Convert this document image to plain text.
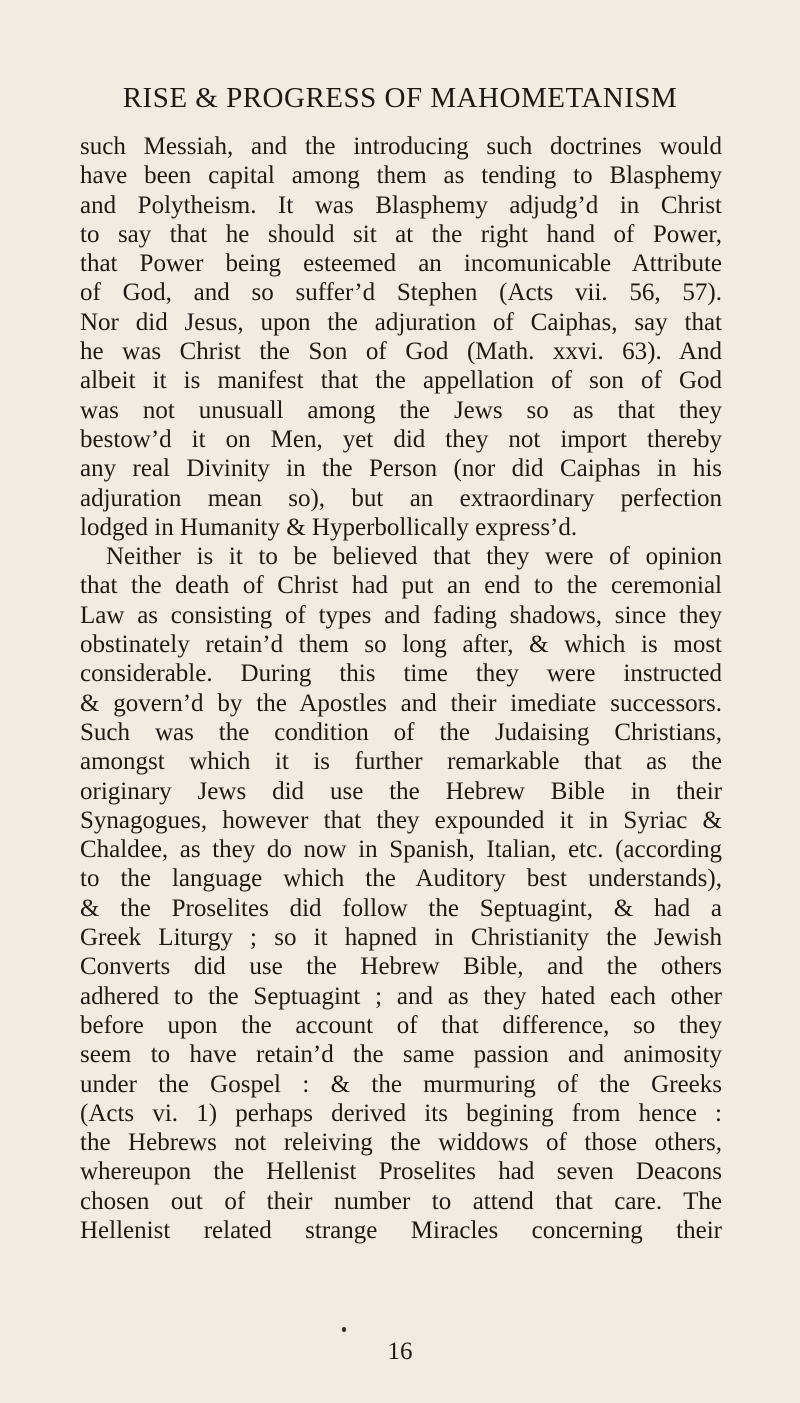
RISE & PROGRESS OF MAHOMETANISM
such Messiah, and the introducing such doctrines would
have been capital among them as tending to Blasphemy
and Polytheism. It was Blasphemy adjudg’d in Christ
to say that he should sit at the right hand of Power,
that Power being esteemed an incomunicable Attribute
of God, and so suffer’d Stephen (Acts vii. 56, 57).
Nor did Jesus, upon the adjuration of Caiphas, say that
he was Christ the Son of God (Math. xxvi. 63). And
albeit it is manifest that the appellation of son of God
was not unusuall among the Jews so as that they
bestow’d it on Men, yet did they not import thereby
any real Divinity in the Person (nor did Caiphas in his
adjuration mean so), but an extraordinary perfection
lodged in Humanity & Hyperbollically express’d.
Neither is it to be believed that they were of opinion
that the death of Christ had put an end to the ceremonial
Law as consisting of types and fading shadows, since they
obstinately retain’d them so long after, & which is most
considerable. During this time they were instructed
& govern’d by the Apostles and their imediate successors.
Such was the condition of the Judaising Christians,
amongst which it is further remarkable that as the
originary Jews did use the Hebrew Bible in their
Synagogues, however that they expounded it in Syriac &
Chaldee, as they do now in Spanish, Italian, etc. (according
to the language which the Auditory best understands),
& the Proselites did follow the Septuagint, & had a
Greek Liturgy ; so it hapned in Christianity the Jewish
Converts did use the Hebrew Bible, and the others
adhered to the Septuagint ; and as they hated each other
before upon the account of that difference, so they
seem to have retain’d the same passion and animosity
under the Gospel : & the murmuring of the Greeks
(Acts vi. 1) perhaps derived its begining from hence :
the Hebrews not releiving the widdows of those others,
whereupon the Hellenist Proselites had seven Deacons
chosen out of their number to attend that care. The
Hellenist related strange Miracles concerning their
16
